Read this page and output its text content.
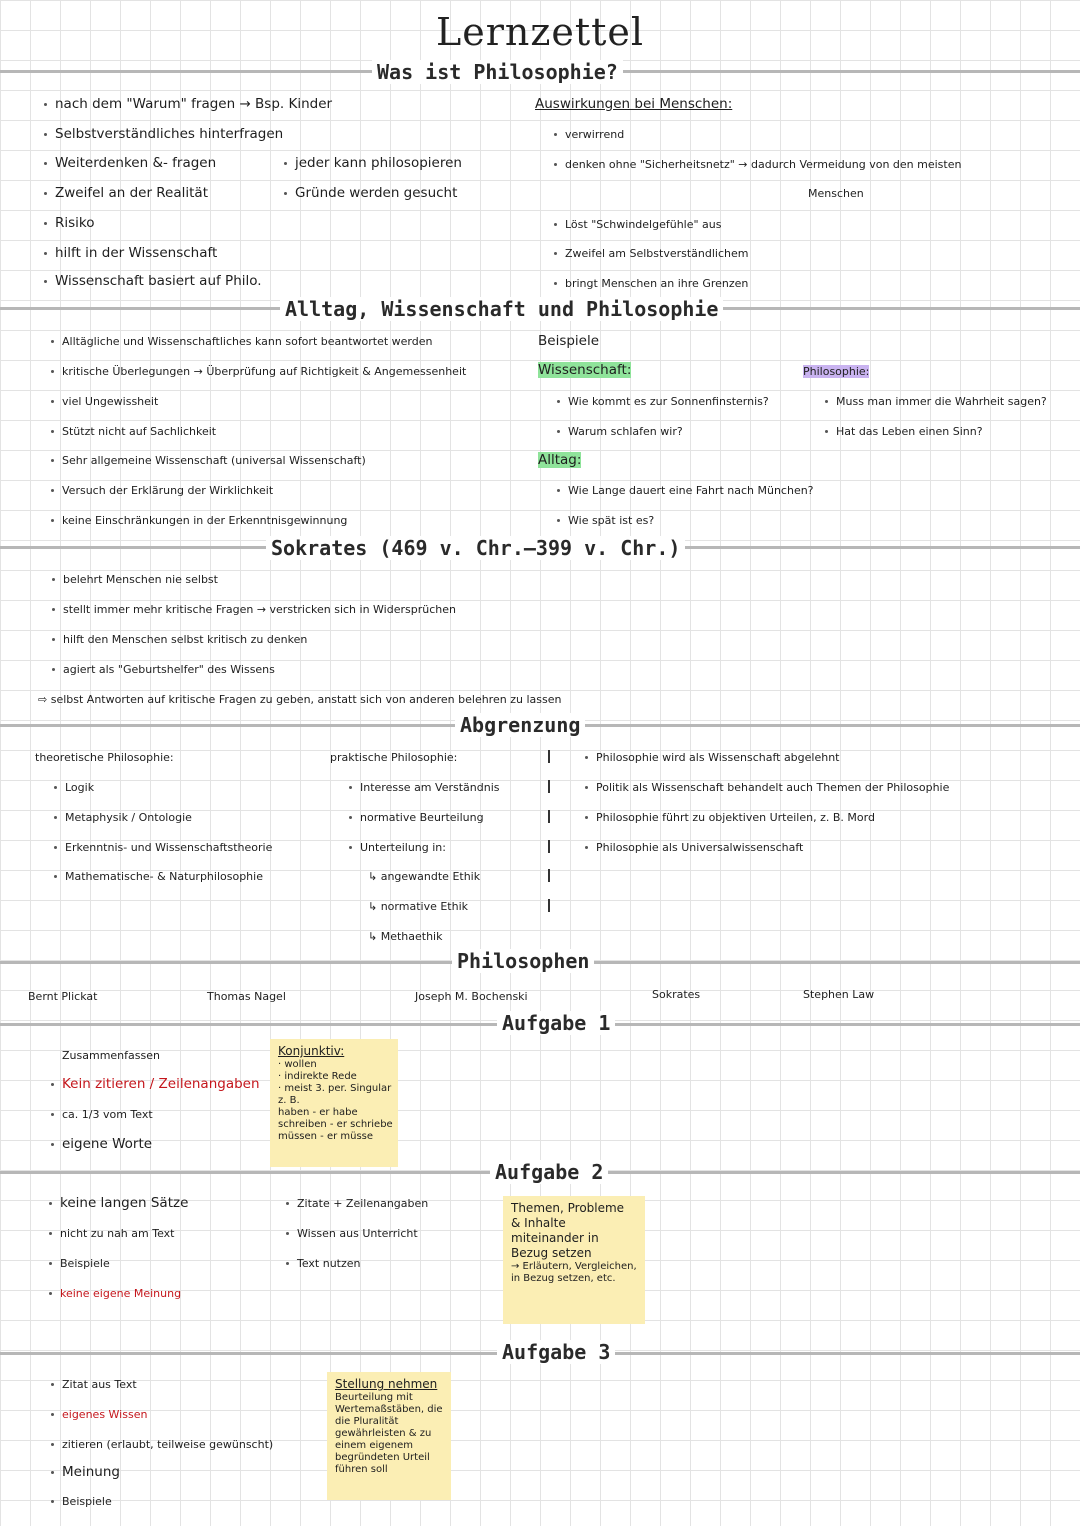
Lernzettel
Was ist Philosophie?
nach dem "Warum" fragen → Bsp. Kinder
Selbstverständliches hinterfragen
Weiterdenken &- fragen
Zweifel an der Realität
Risiko
hilft in der Wissenschaft
Wissenschaft basiert auf Philo.
jeder kann philosopieren
Gründe werden gesucht
Auswirkungen bei Menschen:
verwirrend
denken ohne "Sicherheitsnetz" → dadurch Vermeidung von den meisten
Menschen
Löst "Schwindelgefühle" aus
Zweifel am Selbstverständlichem
bringt Menschen an ihre Grenzen
Alltag, Wissenschaft und Philosophie
Alltägliche und Wissenschaftliches kann sofort beantwortet werden
kritische Überlegungen → Überprüfung auf Richtigkeit & Angemessenheit
viel Ungewissheit
Stützt nicht auf Sachlichkeit
Sehr allgemeine Wissenschaft (universal Wissenschaft)
Versuch der Erklärung der Wirklichkeit
keine Einschränkungen in der Erkenntnisgewinnung
Beispiele
Wissenschaft:
Wie kommt es zur Sonnenfinsternis?
Warum schlafen wir?
Alltag:
Wie Lange dauert eine Fahrt nach München?
Wie spät ist es?
Philosophie:
Muss man immer die Wahrheit sagen?
Hat das Leben einen Sinn?
Sokrates (469 v. Chr.—399 v. Chr.)
belehrt Menschen nie selbst
stellt immer mehr kritische Fragen → verstricken sich in Widersprüchen
hilft den Menschen selbst kritisch zu denken
agiert als "Geburtshelfer" des Wissens
⇨ selbst Antworten auf kritische Fragen zu geben, anstatt sich von anderen belehren zu lassen
Abgrenzung
theoretische Philosophie:
Logik
Metaphysik / Ontologie
Erkenntnis- und Wissenschaftstheorie
Mathematische- & Naturphilosophie
praktische Philosophie:
Interesse am Verständnis
normative Beurteilung
Unterteilung in:
↳ angewandte Ethik
↳ normative Ethik
↳ Methaethik
Philosophie wird als Wissenschaft abgelehnt
Politik als Wissenschaft behandelt auch Themen der Philosophie
Philosophie führt zu objektiven Urteilen, z. B. Mord
Philosophie als Universalwissenschaft
Philosophen
Bernt Plickat	Thomas Nagel	Joseph M. Bochenski	Sokrates	Stephen Law
Aufgabe 1
Zusammenfassen
Kein zitieren / Zeilenangaben
ca. 1/3 vom Text
eigene Worte
Konjunktiv:
· wollen
· indirekte Rede
· meist 3. per. Singular
z. B.
haben - er habe
schreiben - er schriebe
müssen - er müsse
Aufgabe 2
keine langen Sätze
nicht zu nah am Text
Beispiele
keine eigene Meinung
Zitate + Zeilenangaben
Wissen aus Unterricht
Text nutzen
Themen, Probleme
& Inhalte
miteinander in
Bezug setzen
→ Erläutern, Vergleichen,
in Bezug setzen, etc.
Aufgabe 3
Zitat aus Text
eigenes Wissen
zitieren (erlaubt, teilweise gewünscht)
Meinung
Beispiele
Stellung nehmen
Beurteilung mit
Wertemaßstäben, die
die Pluralität
gewährleisten & zu
einem eigenem
begründeten Urteil
führen soll
